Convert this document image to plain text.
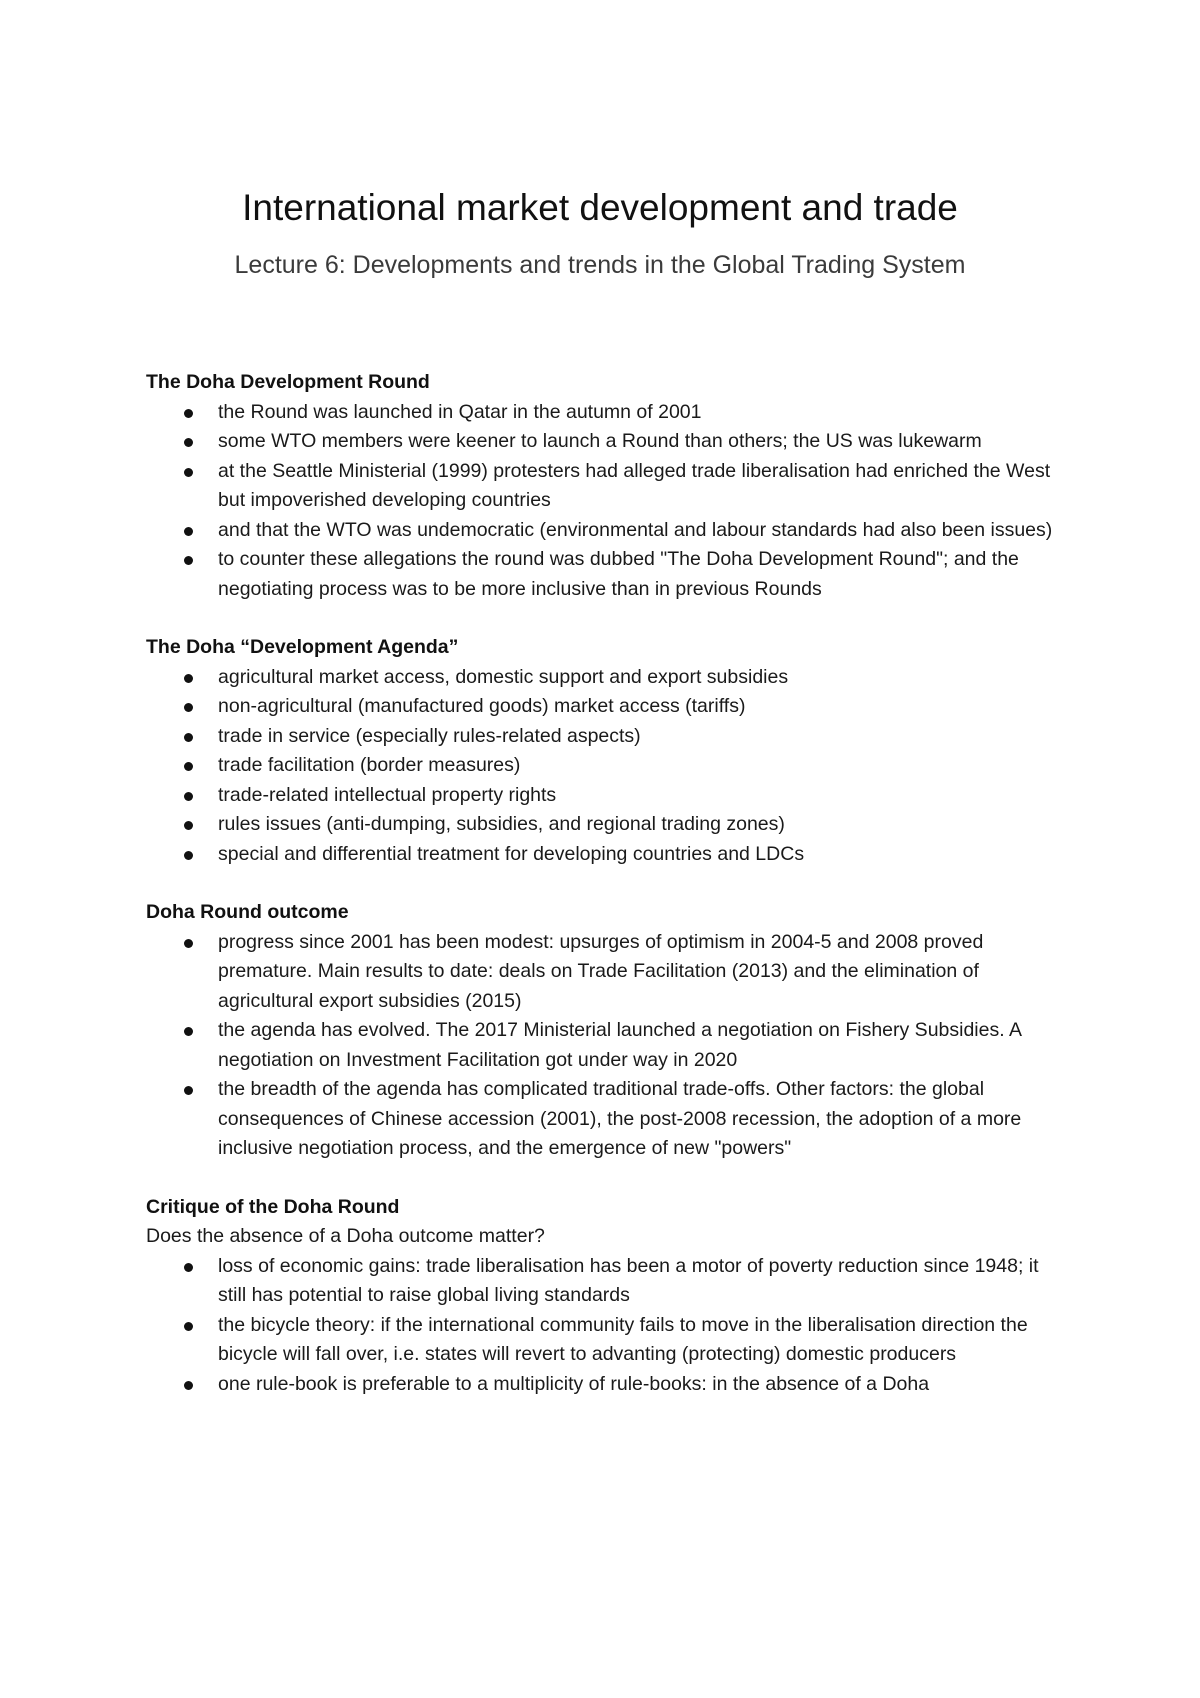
International market development and trade
Lecture 6: Developments and trends in the Global Trading System
The Doha Development Round
the Round was launched in Qatar in the autumn of 2001
some WTO members were keener to launch a Round than others; the US was lukewarm
at the Seattle Ministerial (1999) protesters had alleged trade liberalisation had enriched the West but impoverished developing countries
and that the WTO was undemocratic (environmental and labour standards had also been issues)
to counter these allegations the round was dubbed "The Doha Development Round"; and the negotiating process was to be more inclusive than in previous Rounds
The Doha “Development Agenda”
agricultural market access, domestic support and export subsidies
non-agricultural (manufactured goods) market access (tariffs)
trade in service (especially rules-related aspects)
trade facilitation (border measures)
trade-related intellectual property rights
rules issues (anti-dumping, subsidies, and regional trading zones)
special and differential treatment for developing countries and LDCs
Doha Round outcome
progress since 2001 has been modest: upsurges of optimism in 2004-5 and 2008 proved premature. Main results to date: deals on Trade Facilitation (2013) and the elimination of agricultural export subsidies (2015)
the agenda has evolved. The 2017 Ministerial launched a negotiation on Fishery Subsidies. A negotiation on Investment Facilitation got under way in 2020
the breadth of the agenda has complicated traditional trade-offs. Other factors: the global consequences of Chinese accession (2001), the post-2008 recession, the adoption of a more inclusive negotiation process, and the emergence of new "powers"
Critique of the Doha Round

Does the absence of a Doha outcome matter?

loss of economic gains: trade liberalisation has been a motor of poverty reduction since 1948; it still has potential to raise global living standards
the bicycle theory: if the international community fails to move in the liberalisation direction the bicycle will fall over, i.e. states will revert to advanting (protecting) domestic producers
one rule-book is preferable to a multiplicity of rule-books: in the absence of a Doha
